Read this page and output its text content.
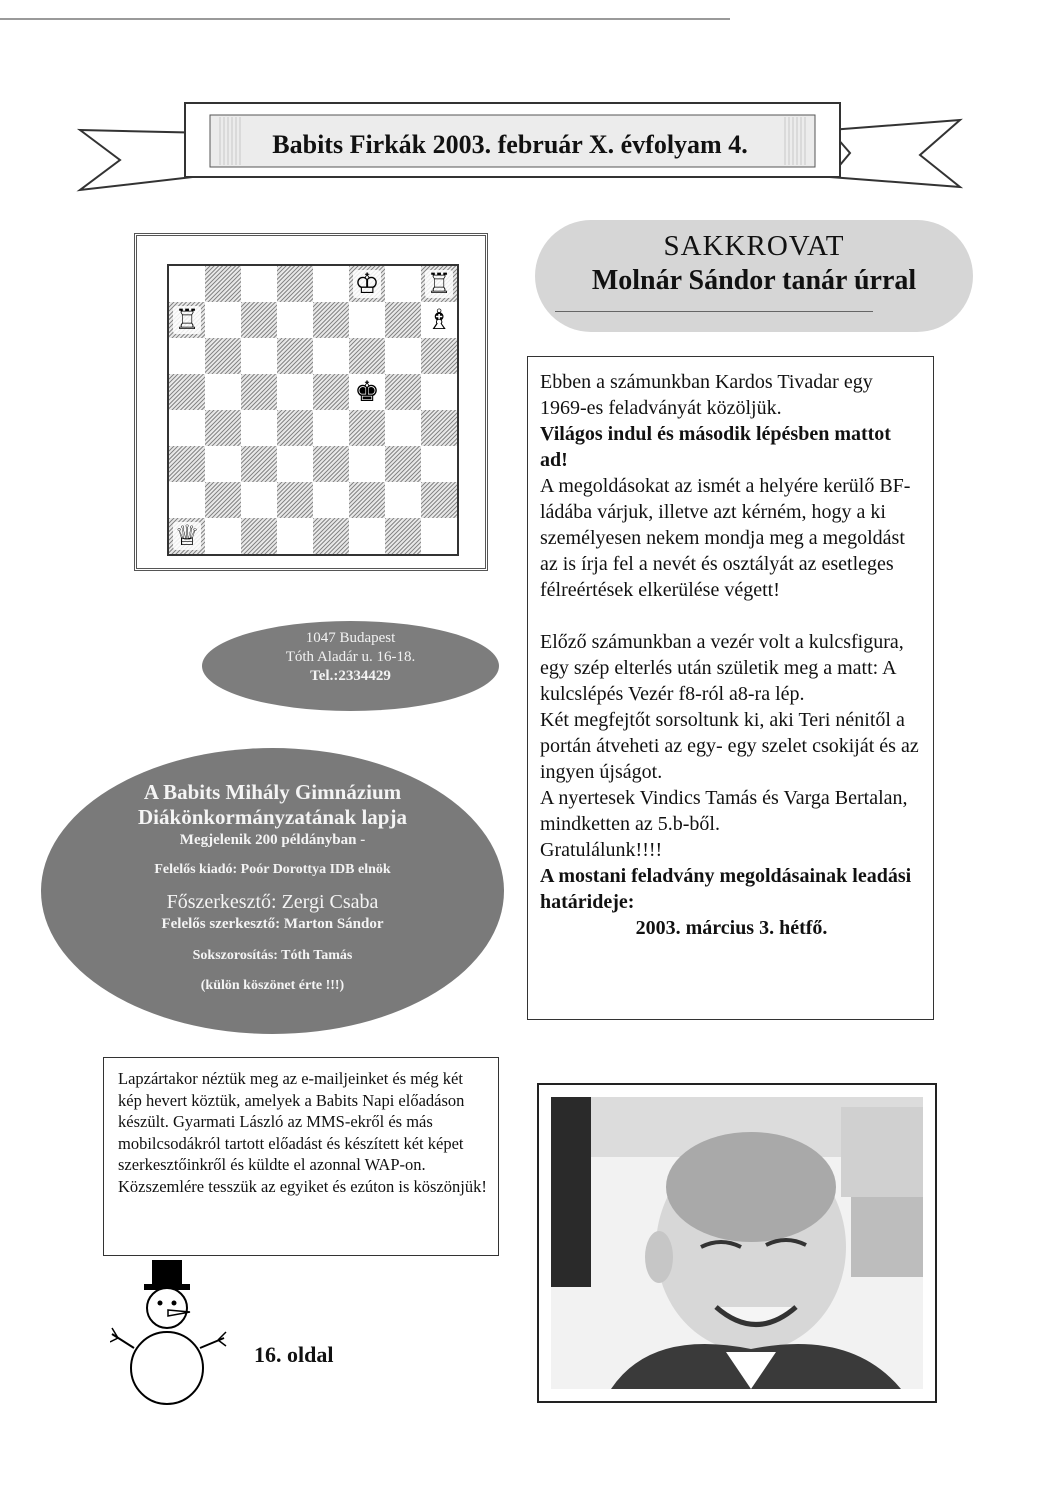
Babits Firkák 2003. február X. évfolyam 4.
♔ ♖
♖	♗
♚
♕
SAKKROVAT
Molnár Sándor tanár úrral

Ebben a számunkban Kardos Tivadar egy 1969-es feladványát közöljük.

Világos indul és második lépésben mattot ad!

A megoldásokat az ismét a helyére kerülő BF-ládába várjuk, illetve azt kérném, hogy a ki személyesen nekem mondja meg a megoldást az is írja fel a nevét és osztályát az esetleges félreértések elkerülése végett!

Előző számunkban a vezér volt a kulcsfigura, egy szép elterlés után születik meg a matt: A kulcslépés Vezér f8-ról a8-ra lép.

Két megfejtőt sorsoltunk ki, aki Teri nénitől a portán átveheti az egy- egy szelet csokiját és az ingyen újságot.

A nyertesek Vindics Tamás és Varga Bertalan, mindketten az 5.b-ből.

Gratulálunk!!!!

A mostani feladvány megoldásainak leadási határideje:

2003. március 3. hétfő.

1047 Budapest
Tóth Aladár u. 16-18.
Tel.:2334429
A Babits Mihály Gimnázium
Diákönkormányzatának lapja
Megjelenik 200 példányban -
Felelős kiadó: Poór Dorottya IDB elnök
Főszerkesztő: Zergi Csaba
Felelős szerkesztő: Marton Sándor
Sokszorosítás: Tóth Tamás
(külön köszönet érte !!!)
Lapzártakor néztük meg az e-mailjeinket és még két kép hevert köztük, amelyek a Babits Napi előadáson készült. Gyarmati László az MMS-ekről és más mobilcsodákról tartott előadást és készített két képet szerkesztőinkről és küldte el azonnal WAP-on. Közszemlére tesszük az egyiket és ezúton is köszönjük!
16. oldal
